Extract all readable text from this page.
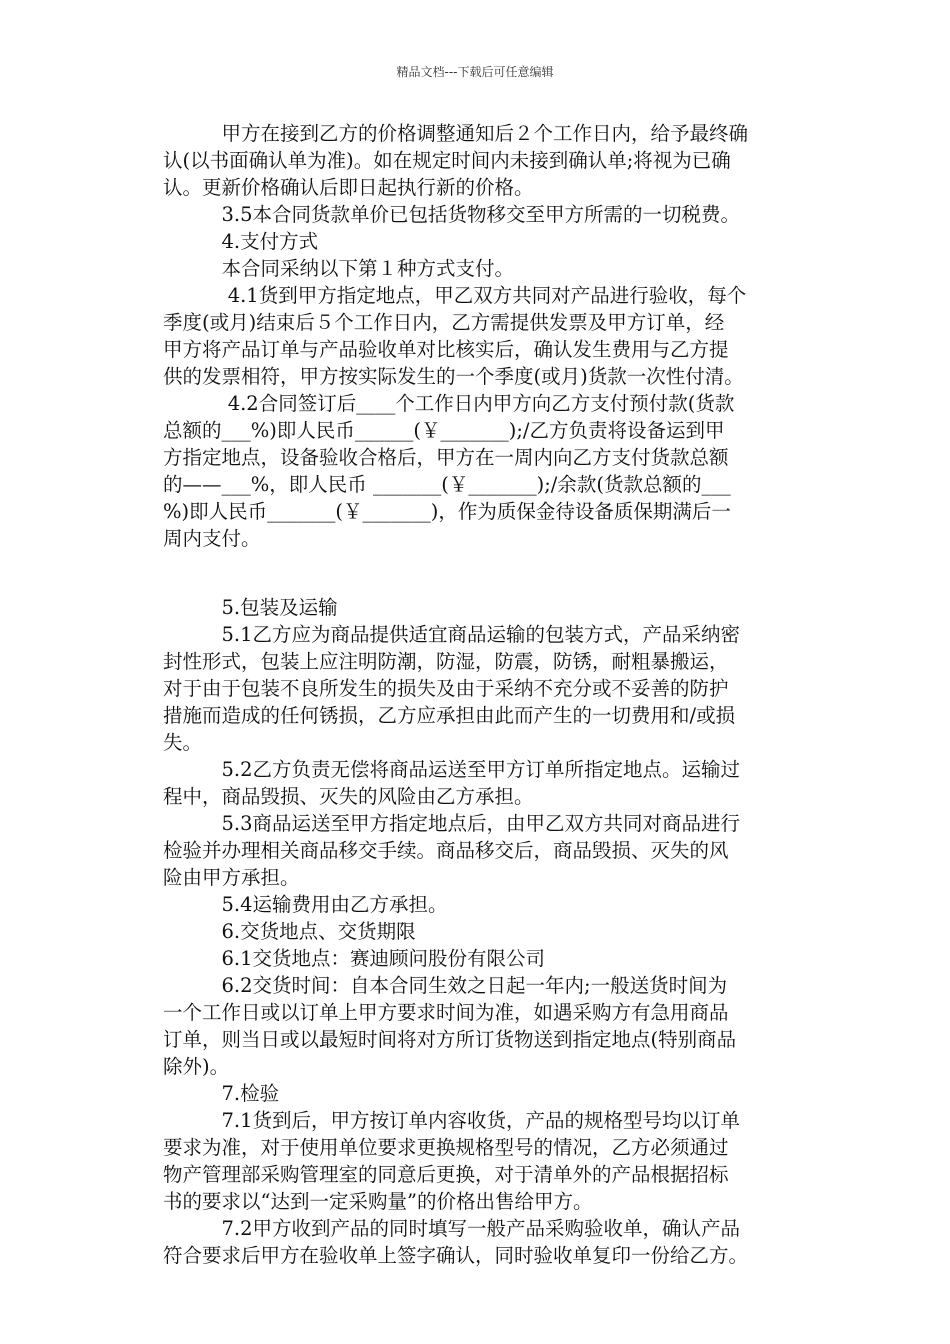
精品文档---下载后可任意编辑
　　　甲方在接到乙方的价格调整通知后２个工作日内，给予最终确
认(以书面确认单为准)。如在规定时间内未接到确认单;将视为已确
认。更新价格确认后即日起执行新的价格。
　　　3.5本合同货款单价已包括货物移交至甲方所需的一切税费。
　　　4.支付方式
　　　本合同采纳以下第１种方式支付。
　　　 4.1货到甲方指定地点，甲乙双方共同对产品进行验收，每个
季度(或月)结束后５个工作日内，乙方需提供发票及甲方订单，经
甲方将产品订单与产品验收单对比核实后，确认发生费用与乙方提
供的发票相符，甲方按实际发生的一个季度(或月)货款一次性付清。
　　　 4.2合同签订后____个工作日内甲方向乙方支付预付款(货款
总额的___%)即人民币______(￥_______);/乙方负责将设备运到甲
方指定地点，设备验收合格后，甲方在一周内向乙方支付货款总额
的——___%，即人民币 _______(￥_______);/余款(货款总额的___
%)即人民币_______(￥_______)，作为质保金待设备质保期满后一
周内支付。
　　　5.包装及运输
　　　5.1乙方应为商品提供适宜商品运输的包装方式，产品采纳密
封性形式，包装上应注明防潮，防湿，防震，防锈，耐粗暴搬运，
对于由于包装不良所发生的损失及由于采纳不充分或不妥善的防护
措施而造成的任何锈损，乙方应承担由此而产生的一切费用和/或损
失。
　　　5.2乙方负责无偿将商品运送至甲方订单所指定地点。运输过
程中，商品毁损、灭失的风险由乙方承担。
　　　5.3商品运送至甲方指定地点后，由甲乙双方共同对商品进行
检验并办理相关商品移交手续。商品移交后，商品毁损、灭失的风
险由甲方承担。
　　　5.4运输费用由乙方承担。
　　　6.交货地点、交货期限
　　　6.1交货地点：赛迪顾问股份有限公司
　　　6.2交货时间：自本合同生效之日起一年内;一般送货时间为
一个工作日或以订单上甲方要求时间为准，如遇采购方有急用商品
订单，则当日或以最短时间将对方所订货物送到指定地点(特别商品
除外)。
　　　7.检验
　　　7.1货到后，甲方按订单内容收货，产品的规格型号均以订单
要求为准，对于使用单位要求更换规格型号的情况，乙方必须通过
物产管理部采购管理室的同意后更换，对于清单外的产品根据招标
书的要求以“达到一定采购量”的价格出售给甲方。
　　　7.2甲方收到产品的同时填写一般产品采购验收单，确认产品
符合要求后甲方在验收单上签字确认，同时验收单复印一份给乙方。
